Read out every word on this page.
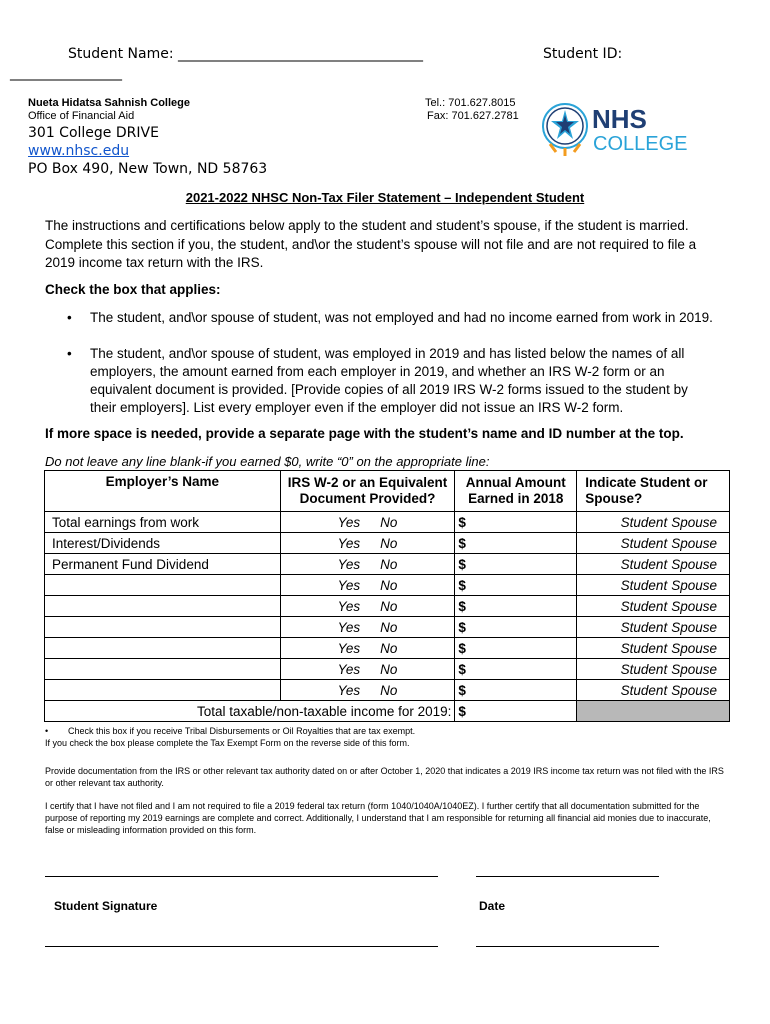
Student Name: ___________________________________	Student ID:
________________
Nueta Hidatsa Sahnish College
Office of Financial Aid
301 College DRIVE
www.nhsc.edu
PO Box 490, New Town, ND 58763
Tel.: 701.627.8015
Fax: 701.627.2781	NHS
COLLEGE
2021-2022 NHSC Non-Tax Filer Statement – Independent Student
The instructions and certifications below apply to the student and student’s spouse, if the student is married. Complete this section if you, the student, and\or the student’s spouse will not file and are not required to file a 2019 income tax return with the IRS.
Check the box that applies:
• The student, and\or spouse of student, was not employed and had no income earned from work in 2019.
• The student, and\or spouse of student, was employed in 2019 and has listed below the names of all employers, the amount earned from each employer in 2019, and whether an IRS W-2 form or an equivalent document is provided. [Provide copies of all 2019 IRS W-2 forms issued to the student by their employers]. List every employer even if the employer did not issue an IRS W-2 form.
If more space is needed, provide a separate page with the student’s name and ID number at the top.
Do not leave any line blank-if you earned $0, write “0” on the appropriate line:
Employer’s Name	IRS W-2 or an Equivalent Document Provided?	Annual Amount Earned in 2018	Indicate Student or Spouse?
Total earnings from work	Yes No	$	Student Spouse
Interest/Dividends	Yes No	$	Student Spouse
Permanent Fund Dividend	Yes No	$	Student Spouse
	Yes No	$	Student Spouse
	Yes No	$	Student Spouse
	Yes No	$	Student Spouse
	Yes No	$	Student Spouse
	Yes No	$	Student Spouse
	Yes No	$	Student Spouse
Total taxable/non-taxable income for 2019:		$	
• Check this box if you receive Tribal Disbursements or Oil Royalties that are tax exempt.
If you check the box please complete the Tax Exempt Form on the reverse side of this form.
Provide documentation from the IRS or other relevant tax authority dated on or after October 1, 2020 that indicates a 2019 IRS income tax return was not filed with the IRS or other relevant tax authority.
I certify that I have not filed and I am not required to file a 2019 federal tax return (form 1040/1040A/1040EZ). I further certify that all documentation submitted for the purpose of reporting my 2019 earnings are complete and correct. Additionally, I understand that I am responsible for returning all financial aid monies due to inaccurate, false or misleading information provided on this form.
Student Signature	Date
